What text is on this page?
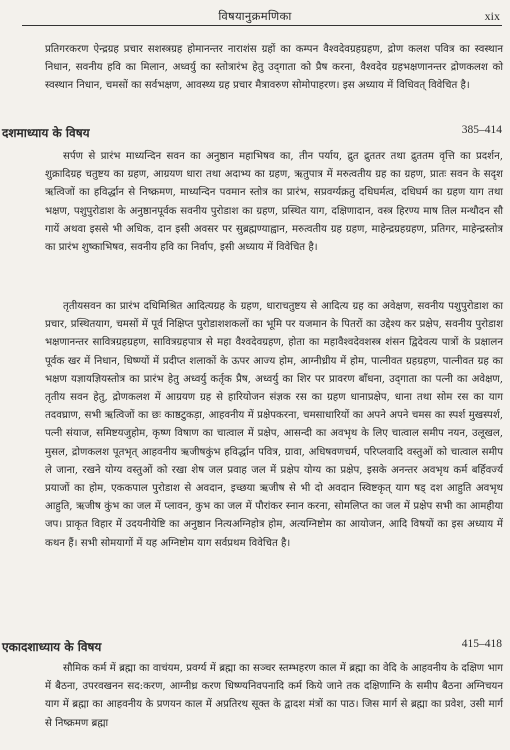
विषयानुक्रमणिका	xix

प्रतिगरकरण ऐन्द्रग्रह प्रचार सशस्त्रग्रह होमानन्तर नाराशंस ग्रहों का कम्पन वैश्वदेवग्रहग्रहण, द्रोण कलश पवित्र का स्वस्थान निधान, सवनीय हवि का मिलान, अध्वर्यु का स्तोत्रारंभ हेतु उद्‌गाता को प्रैष करना, वैश्वदेव ग्रहभक्षणानन्तर द्रोणकलश को स्वस्थान निधान, चमसों का सर्वभक्षण, आवस्थ्य ग्रह प्रचार मैत्रावरुण सोमोपाहरण। इस अध्याय में विधिवत् विवेचित है।

दशमाध्याय के विषय	385–414

सर्पण से प्रारंभ माध्यन्दिन सवन का अनुष्ठान महाभिषव का, तीन पर्याय, द्रुत द्रुततर तथा द्रुततम वृत्ति का प्रदर्शन, शुक्रादिग्रह चतुष्टय का ग्रहण, आग्रयण धारा तथा अदाभ्य का ग्रहण, ऋतुपात्र में मरुत्वतीय ग्रह का ग्रहण, प्रातः सवन के सदृश ऋत्विजों का हविर्द्धान से निष्क्रमण, माध्यन्दिन पवमान स्तोत्र का प्रारंभ, सप्रवर्ग्यक्रतु दधिघर्मत्व, दधिघर्म का ग्रहण याग तथा भक्षण, पशुपुरोडाश के अनुष्ठानपूर्वक सवनीय पुरोडाश का ग्रहण, प्रस्थित याग, दक्षिणादान, वस्त्र हिरण्य माष तिल मन्थौदन सौ गायें अथवा इससे भी अधिक, दान इसी अवसर पर सुब्रह्मण्याह्वान, मरुत्वतीय ग्रह ग्रहण, माहेन्द्रग्रहग्रहण, प्रतिगर, माहेन्द्रस्तोत्र का प्रारंभ शुष्काभिषव, सवनीय हवि का निर्वाप, इसी अध्याय में विवेचित है।

तृतीयसवन का प्रारंभ दधिमिश्रित आदित्यग्रह के ग्रहण, धाराचतुष्टय से आदित्य ग्रह का अवेक्षण, सवनीय पशुपुरोडाश का प्रचार, प्रस्थितयाग, चमसों में पूर्व निक्षिप्त पुरोडाशशकलों का भूमि पर यजमान के पितरों का उद्देश्य कर प्रक्षेप, सवनीय पुरोडाश भक्षणानन्तर सावित्रग्रहग्रहण, सावित्रग्रहपात्र से महा वैश्वदेवग्रहण, होता का महावैश्वदेवशस्त्र शंसन द्विदेवत्य पात्रों के प्रक्षालन पूर्वक खर में निधान, धिष्ण्यों में प्रदीप्त शलाकों के ऊपर आज्य होम, आग्नीध्रीय में होम, पात्नीवत ग्रहग्रहण, पात्नीवत ग्रह का भक्षण यज्ञायज्ञियस्तोत्र का प्रारंभ हेतु अध्वर्यु कर्तृक प्रैष, अध्वर्यु का शिर पर प्रावरण बाँधना, उद्‌गाता का पत्नी का अवेक्षण, तृतीय सवन हेतु, द्रोणकलश में आग्रयण ग्रह से हारियोजन संज्ञक रस का ग्रहण धानाप्रक्षेप, धाना तथा सोम रस का याग तदवघ्राण, सभी ऋत्विजों का छः काष्ठटुकड़ा, आहवनीय में प्रक्षेपकरना, चमसाधारियों का अपने अपने चमस का स्पर्श मुखस्पर्श, पत्नी संयाज, समिष्टयजुहोम, कृष्ण विषाण का चात्वाल में प्रक्षेप, आसन्दी का अवभृथ के लिए चात्वाल समीप नयन, उलूखल, मुसल, द्रोणकलश पूतभृत् आहवनीय ऋजीषकुंभ हविर्द्धान पवित्र, ग्रावा, अधिषवणचर्म, परिप्लवादि वस्तुओं को चात्वाल समीप ले जाना, रखने योग्य वस्तुओं को रखा शेष जल प्रवाह जल में प्रक्षेप योग्य का प्रक्षेप, इसके अनन्तर अवभृथ कर्म बर्हिवर्ज्य प्रयाजों का होम, एककपाल पुरोडाश से अवदान, इच्छया ऋजीष से भी दो अवदान स्विष्टकृत् याग षड्‌ दश आहुति अवभृथ आहुति, ऋजीष कुंभ का जल में प्लावन, कुभ का जल में पौरांकर स्नान करना, सोमलिप्त का जल में प्रक्षेप सभी का आमहीया जप। प्राकृत विहार में उदयनीयेष्टि का अनुष्ठान नित्यअग्निहोत्र होम, अत्यग्निष्टोम का आयोजन, आदि विषयों का इस अध्याय में कथन हैं। सभी सोमयागों में यह अग्निष्टोम याग सर्वप्रथम विवेचित है।

एकादशाध्याय के विषय	415–418

सौमिक कर्म में ब्रह्मा का वाचंयम, प्रवर्ग्य में ब्रह्मा का सञ्चर स्तम्भहरण काल में ब्रह्मा का वेदि के आहवनीय के दक्षिण भाग में बैठना, उपरवखनन सद:करण, आग्नीध्र करण धिष्ण्यनिवपनादि कर्म किये जाने तक दक्षिणाग्नि के समीप बैठना अग्निचयन याग में ब्रह्मा का आहवनीय के प्रणयन काल में अप्रतिरथ सूक्त के द्वादश मंत्रों का पाठ। जिस मार्ग से ब्रह्मा का प्रवेश, उसी मार्ग से निष्क्रमण ब्रह्मा
